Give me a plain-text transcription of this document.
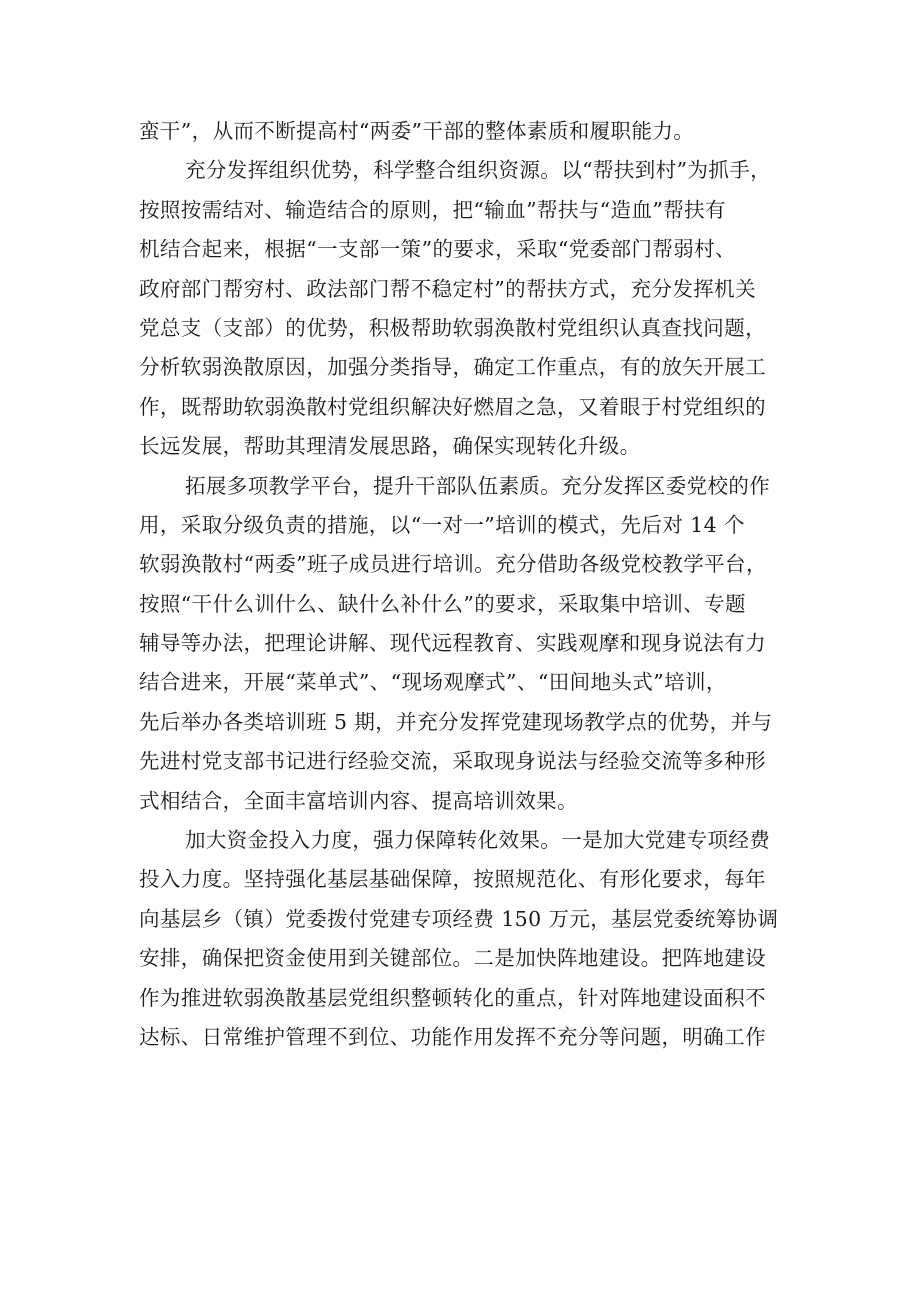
蛮干”，从而不断提高村“两委”干部的整体素质和履职能力。
充分发挥组织优势，科学整合组织资源。以“帮扶到村”为抓手，
按照按需结对、输造结合的原则，把“输血”帮扶与“造血”帮扶有
机结合起来，根据“一支部一策”的要求，采取“党委部门帮弱村、
政府部门帮穷村、政法部门帮不稳定村”的帮扶方式，充分发挥机关
党总支（支部）的优势，积极帮助软弱涣散村党组织认真查找问题，
分析软弱涣散原因，加强分类指导，确定工作重点，有的放矢开展工
作，既帮助软弱涣散村党组织解决好燃眉之急，又着眼于村党组织的
长远发展，帮助其理清发展思路，确保实现转化升级。
拓展多项教学平台，提升干部队伍素质。充分发挥区委党校的作
用，采取分级负责的措施，以“一对一”培训的模式，先后对 14 个
软弱涣散村“两委”班子成员进行培训。充分借助各级党校教学平台，
按照“干什么训什么、缺什么补什么”的要求，采取集中培训、专题
辅导等办法，把理论讲解、现代远程教育、实践观摩和现身说法有力
结合进来，开展“菜单式”、“现场观摩式”、“田间地头式”培训，
先后举办各类培训班 5 期，并充分发挥党建现场教学点的优势，并与
先进村党支部书记进行经验交流，采取现身说法与经验交流等多种形
式相结合，全面丰富培训内容、提高培训效果。
加大资金投入力度，强力保障转化效果。一是加大党建专项经费
投入力度。坚持强化基层基础保障，按照规范化、有形化要求，每年
向基层乡（镇）党委拨付党建专项经费 150 万元，基层党委统筹协调
安排，确保把资金使用到关键部位。二是加快阵地建设。把阵地建设
作为推进软弱涣散基层党组织整顿转化的重点，针对阵地建设面积不
达标、日常维护管理不到位、功能作用发挥不充分等问题，明确工作
